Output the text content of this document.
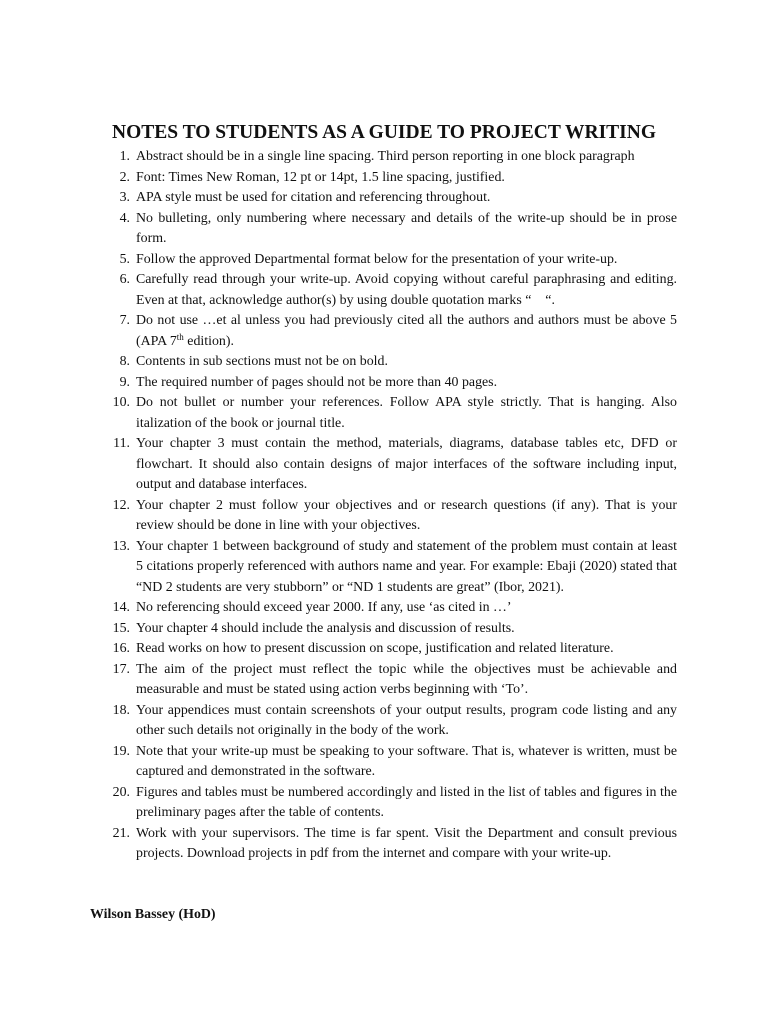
NOTES TO STUDENTS AS A GUIDE TO PROJECT WRITING
1. Abstract should be in a single line spacing. Third person reporting in one block paragraph
2. Font: Times New Roman, 12 pt or 14pt, 1.5 line spacing, justified.
3. APA style must be used for citation and referencing throughout.
4. No bulleting, only numbering where necessary and details of the write-up should be in prose form.
5. Follow the approved Departmental format below for the presentation of your write-up.
6. Carefully read through your write-up. Avoid copying without careful paraphrasing and editing. Even at that, acknowledge author(s) by using double quotation marks “    “.
7. Do not use …et al unless you had previously cited all the authors and authors must be above 5 (APA 7th edition).
8. Contents in sub sections must not be on bold.
9. The required number of pages should not be more than 40 pages.
10. Do not bullet or number your references. Follow APA style strictly. That is hanging. Also italization of the book or journal title.
11. Your chapter 3 must contain the method, materials, diagrams, database tables etc, DFD or flowchart. It should also contain designs of major interfaces of the software including input, output and database interfaces.
12. Your chapter 2 must follow your objectives and or research questions (if any). That is your review should be done in line with your objectives.
13. Your chapter 1 between background of study and statement of the problem must contain at least 5 citations properly referenced with authors name and year. For example: Ebaji (2020) stated that “ND 2 students are very stubborn” or “ND 1 students are great” (Ibor, 2021).
14. No referencing should exceed year 2000. If any, use ‘as cited in …’
15. Your chapter 4 should include the analysis and discussion of results.
16. Read works on how to present discussion on scope, justification and related literature.
17. The aim of the project must reflect the topic while the objectives must be achievable and measurable and must be stated using action verbs beginning with ‘To’.
18. Your appendices must contain screenshots of your output results, program code listing and any other such details not originally in the body of the work.
19. Note that your write-up must be speaking to your software. That is, whatever is written, must be captured and demonstrated in the software.
20. Figures and tables must be numbered accordingly and listed in the list of tables and figures in the preliminary pages after the table of contents.
21. Work with your supervisors. The time is far spent. Visit the Department and consult previous projects. Download projects in pdf from the internet and compare with your write-up.

Wilson Bassey (HoD)
